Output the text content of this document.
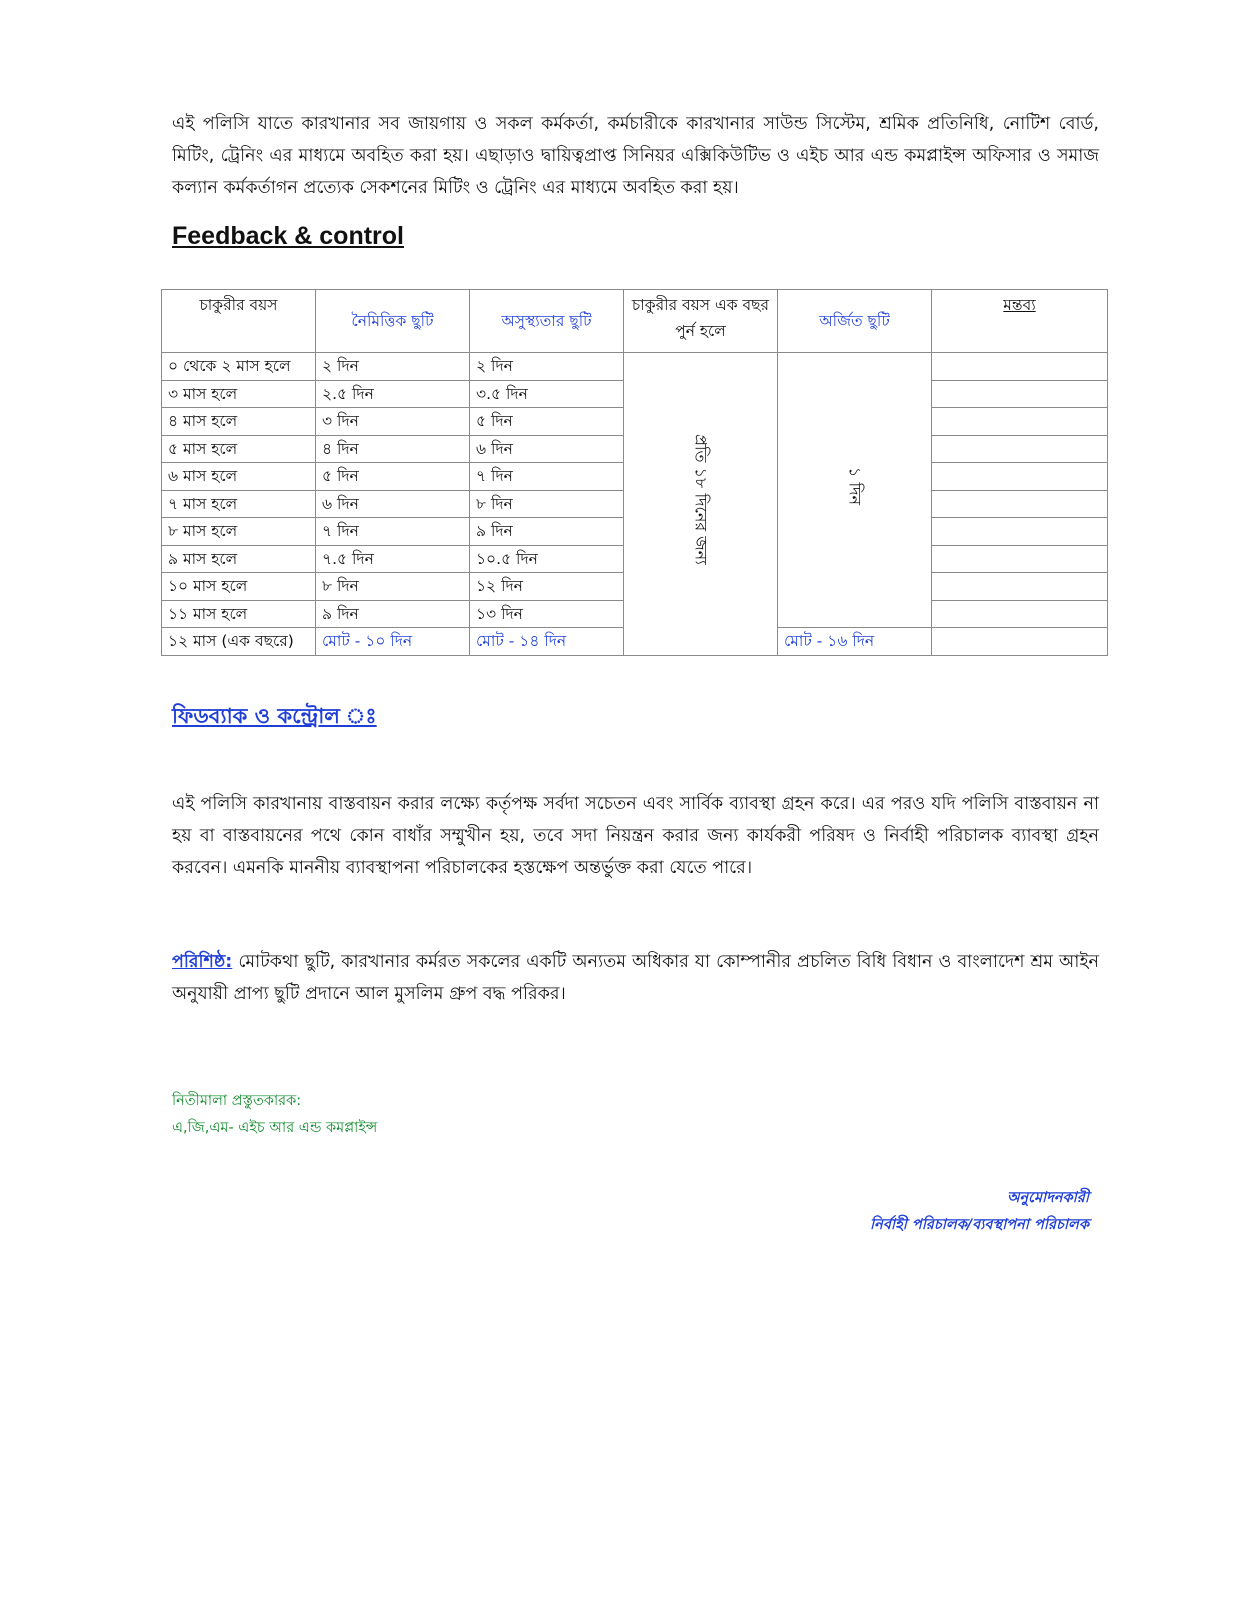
এই পলিসি যাতে কারখানার সব জায়গায় ও সকল কর্মকর্তা, কর্মচারীকে কারখানার সাউন্ড সিস্টেম, শ্রমিক প্রতিনিধি, নোটিশ বোর্ড, মিটিং, ট্রেনিং এর মাধ্যমে অবহিত করা হয়। এছাড়াও দ্বায়িত্বপ্রাপ্ত সিনিয়র এক্সিকিউটিভ ও এইচ আর এন্ড কমপ্লাইন্স অফিসার ও সমাজ কল্যান কর্মকর্তাগন প্রত্যেক সেকশনের মিটিং ও ট্রেনিং এর মাধ্যমে অবহিত করা হয়।

Feedback & control
চাকুরীর বয়স	নৈমিত্তিক ছুটি	অসুস্থ্যতার ছুটি	চাকুরীর বয়স এক বছর পুর্ন হলে	অর্জিত ছুটি	মন্তব্য
০ থেকে ২ মাস হলে	২ দিন	২ দিন	প্রতি ১৮ দিনের জন্য	১ দিন	
৩ মাস হলে	২.৫ দিন	৩.৫ দিন			
৪ মাস হলে	৩ দিন	৫ দিন			
৫ মাস হলে	৪ দিন	৬ দিন			
৬ মাস হলে	৫ দিন	৭ দিন			
৭ মাস হলে	৬ দিন	৮ দিন			
৮ মাস হলে	৭ দিন	৯ দিন			
৯ মাস হলে	৭.৫ দিন	১০.৫ দিন			
১০ মাস হলে	৮ দিন	১২ দিন			
১১ মাস হলে	৯ দিন	১৩ দিন			
১২ মাস (এক বছরে)	মোট - ১০ দিন	মোট - ১৪ দিন		মোট - ১৬ দিন	
ফিডব্যাক ও কন্ট্রোল ঃ

এই পলিসি কারখানায় বাস্তবায়ন করার লক্ষ্যে কর্তৃপক্ষ সর্বদা সচেতন এবং সার্বিক ব্যাবস্থা গ্রহন করে। এর পরও যদি পলিসি বাস্তবায়ন না হয় বা বাস্তবায়নের পথে কোন বাধাঁর সম্মুখীন হয়, তবে সদা নিয়ন্ত্রন করার জন্য কার্যকরী পরিষদ ও নির্বাহী পরিচালক ব্যাবস্থা গ্রহন করবেন। এমনকি মাননীয় ব্যাবস্থাপনা পরিচালকের হস্তক্ষেপ অন্তর্ভুক্ত করা যেতে পারে।

পরিশিষ্ঠ: মোটকথা ছুটি, কারখানার কর্মরত সকলের একটি অন্যতম অধিকার যা কোম্পানীর প্রচলিত বিধি বিধান ও বাংলাদেশ শ্রম আইন অনুযায়ী প্রাপ্য ছুটি প্রদানে আল মুসলিম গ্রুপ বদ্ধ পরিকর।

নিতীমালা প্রস্তুতকারক:
এ,জি,এম- এইচ আর এন্ড কমপ্লাইন্স
অনুমোদনকারী
নির্বাহী পরিচালক/ব্যবস্থাপনা পরিচালক
